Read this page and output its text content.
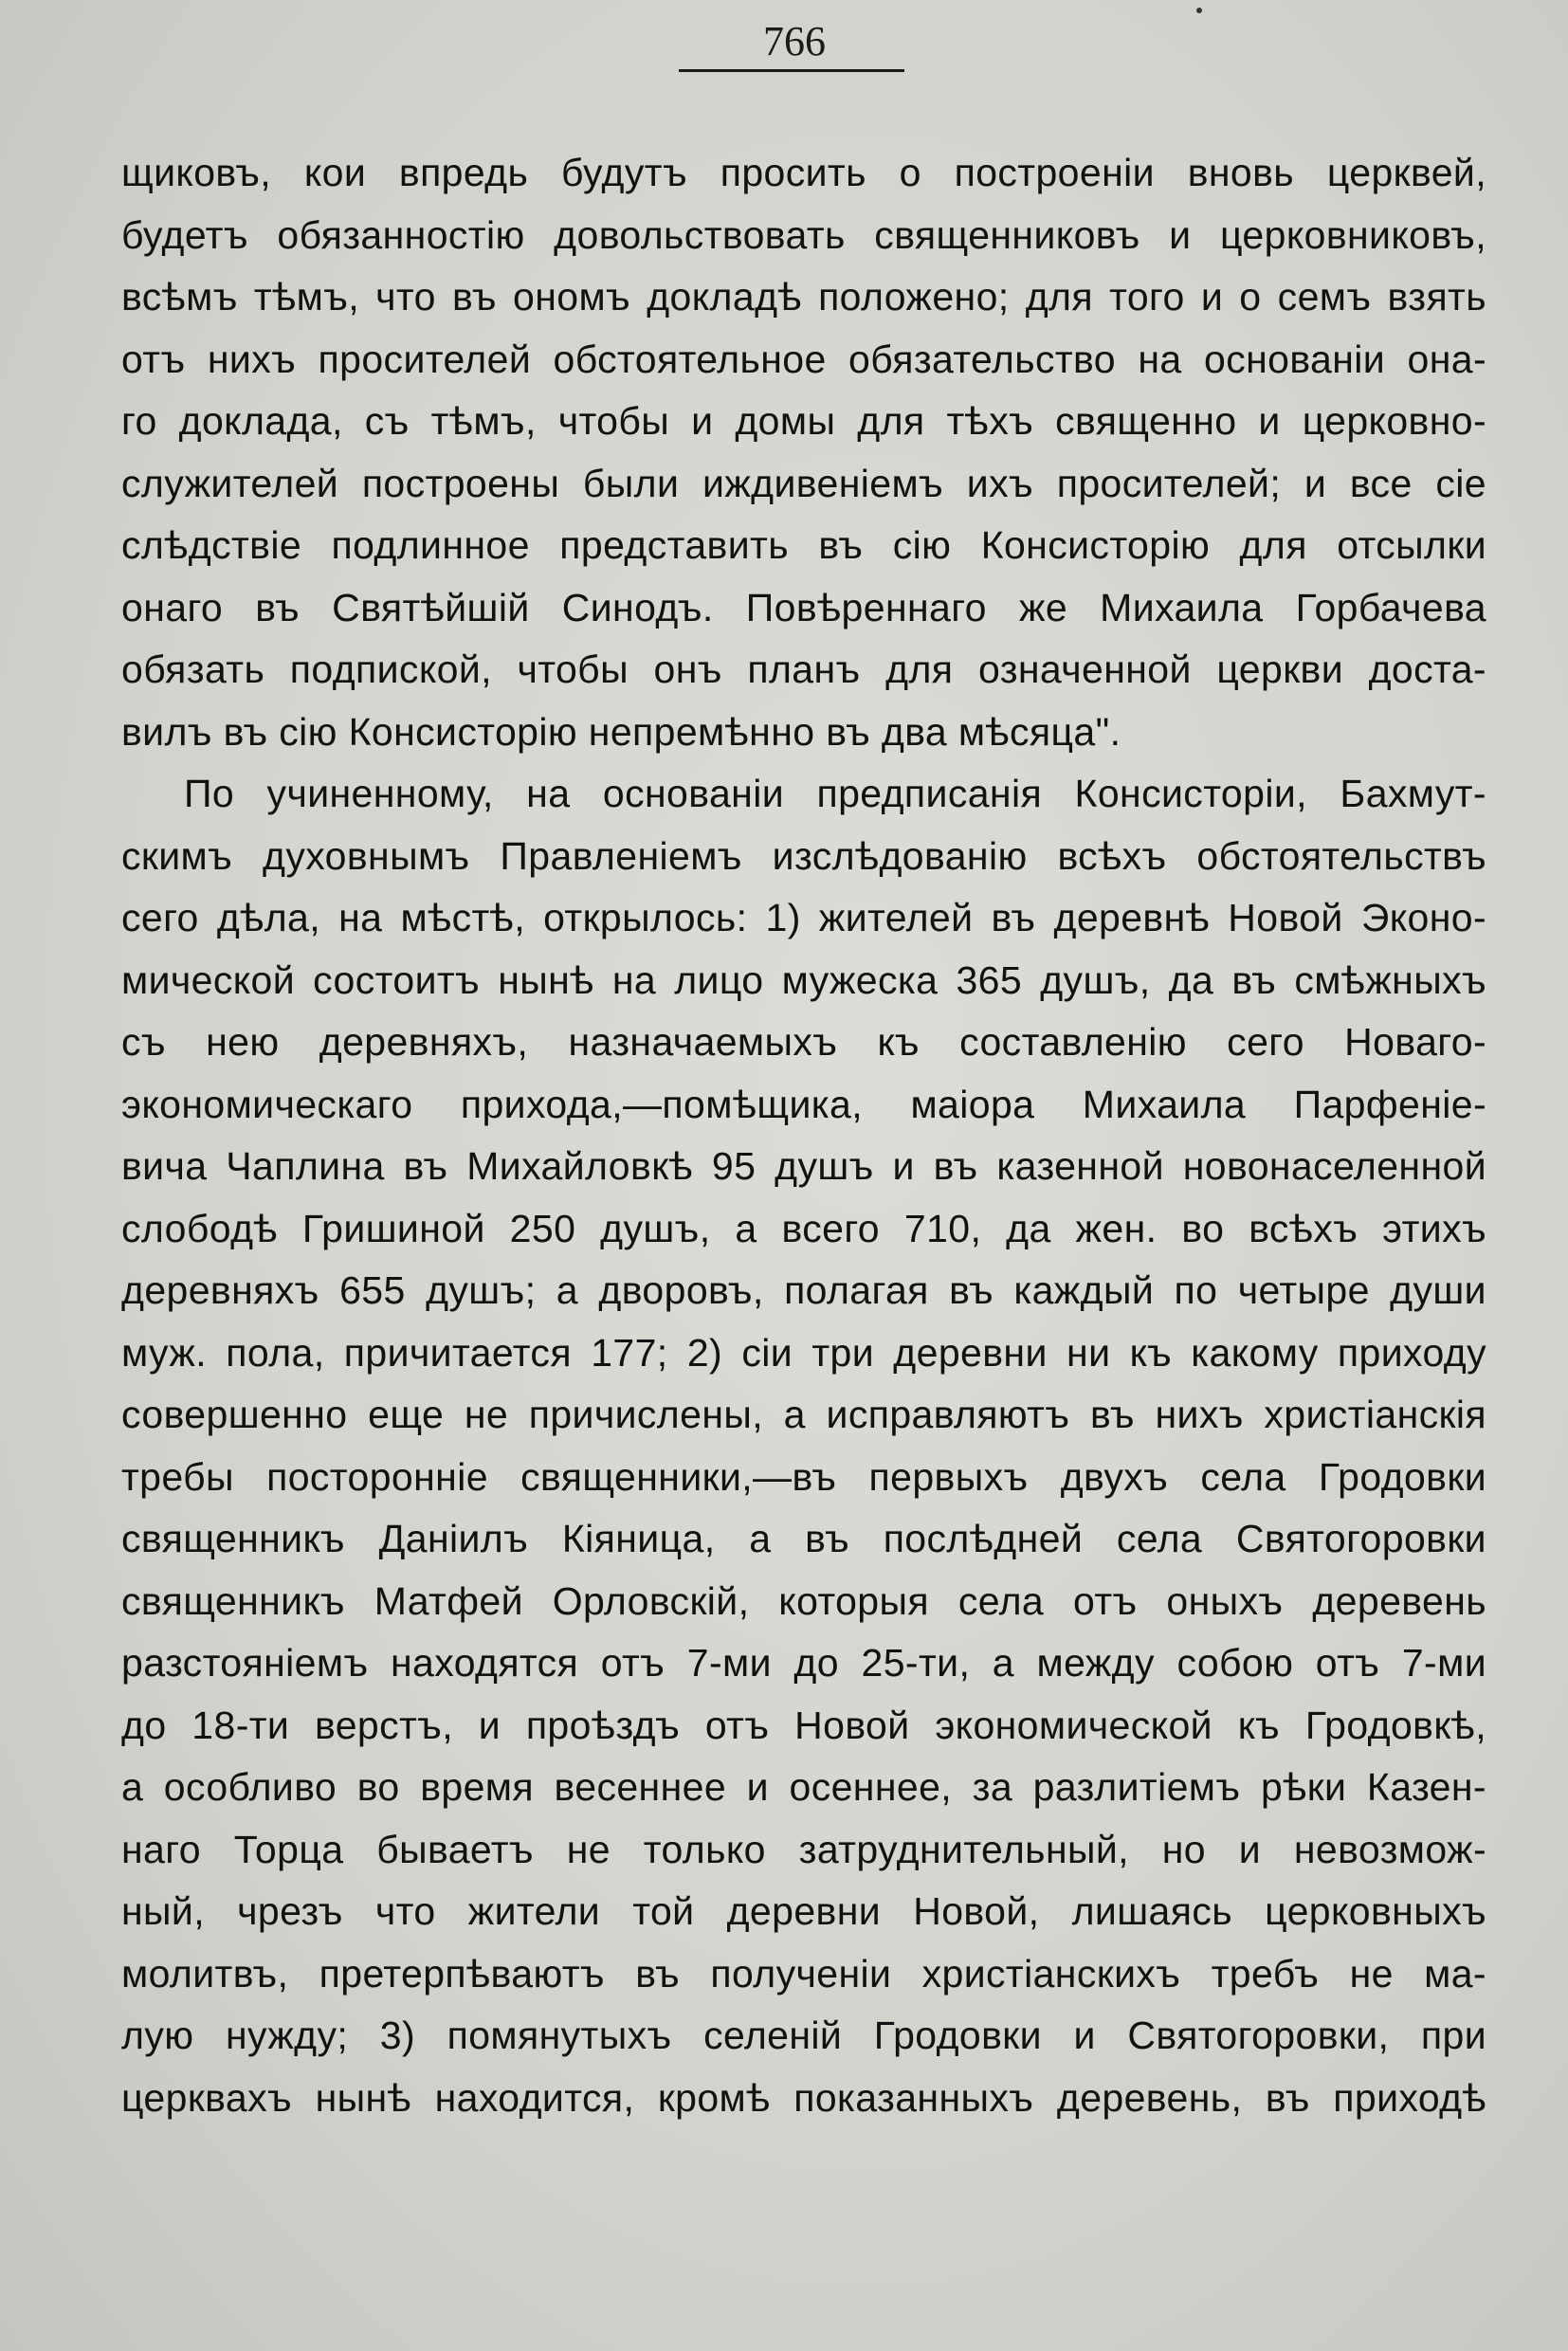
766
щиковъ, кои впредь будутъ просить о построеніи вновь церквей,
будетъ обязанностію довольствовать священниковъ и церковниковъ,
всѣмъ тѣмъ, что въ ономъ докладѣ положено; для того и о семъ взять
отъ нихъ просителей обстоятельное обязательство на основаніи она-
го доклада, съ тѣмъ, чтобы и домы для тѣхъ священно и церковно-
служителей построены были иждивеніемъ ихъ просителей; и все сіе
слѣдствіе подлинное представить въ сію Консисторію для отсылки
онаго въ Святѣйшій Синодъ. Повѣреннаго же Михаила Горбачева
обязать подпиской, чтобы онъ планъ для означенной церкви доста-
вилъ въ сію Консисторію непремѣнно въ два мѣсяца".
По учиненному, на основаніи предписанія Консисторіи, Бахмут-
скимъ духовнымъ Правленіемъ изслѣдованію всѣхъ обстоятельствъ
сего дѣла, на мѣстѣ, открылось: 1) жителей въ деревнѣ Новой Эконо-
мической состоитъ нынѣ на лицо мужеска 365 душъ, да въ смѣжныхъ
съ нею деревняхъ, назначаемыхъ къ составленію сего Новаго-
экономическаго прихода,—помѣщика, маіора Михаила Парфеніе-
вича Чаплина въ Михайловкѣ 95 душъ и въ казенной новонаселенной
слободѣ Гришиной 250 душъ, а всего 710, да жен. во всѣхъ этихъ
деревняхъ 655 душъ; а дворовъ, полагая въ каждый по четыре души
муж. пола, причитается 177; 2) сіи три деревни ни къ какому приходу
совершенно еще не причислены, а исправляютъ въ нихъ христіанскія
требы посторонніе священники,—въ первыхъ двухъ села Гродовки
священникъ Даніилъ Кіяница, а въ послѣдней села Святогоровки
священникъ Матфей Орловскій, которыя села отъ оныхъ деревень
разстояніемъ находятся отъ 7-ми до 25-ти, а между собою отъ 7-ми
до 18-ти верстъ, и проѣздъ отъ Новой экономической къ Гродовкѣ,
а особливо во время весеннее и осеннее, за разлитіемъ рѣки Казен-
наго Торца бываетъ не только затруднительный, но и невозмож-
ный, чрезъ что жители той деревни Новой, лишаясь церковныхъ
молитвъ, претерпѣваютъ въ полученіи христіанскихъ требъ не ма-
лую нужду; 3) помянутыхъ селеній Гродовки и Святогоровки, при
церквахъ нынѣ находится, кромѣ показанныхъ деревень, въ приходѣ
